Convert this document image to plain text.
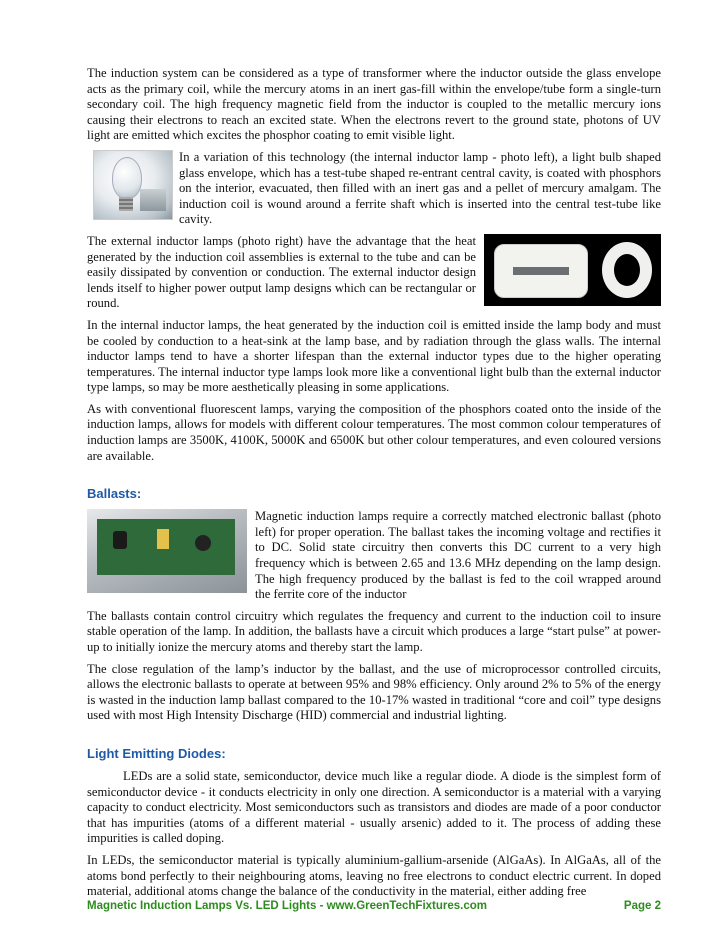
The induction system can be considered as a type of transformer where the inductor outside the glass envelope acts as the primary coil, while the mercury atoms in an inert gas-fill within the envelope/tube form a single-turn secondary coil. The high frequency magnetic field from the inductor is coupled to the metallic mercury ions causing their electrons to reach an excited state. When the electrons revert to the ground state, photons of UV light are emitted which excites the phosphor coating to emit visible light.

In a variation of this technology (the internal inductor lamp - photo left), a light bulb shaped glass envelope, which has a test-tube shaped re-entrant central cavity, is coated with phosphors on the interior, evacuated, then filled with an inert gas and a pellet of mercury amalgam. The induction coil is wound around a ferrite shaft which is inserted into the central test-tube like cavity.

The external inductor lamps (photo right) have the advantage that the heat generated by the induction coil assemblies is external to the tube and can be easily dissipated by convention or conduction. The external inductor design lends itself to higher power output lamp designs which can be rectangular or round.

In the internal inductor lamps, the heat generated by the induction coil is emitted inside the lamp body and must be cooled by conduction to a heat-sink at the lamp base, and by radiation through the glass walls. The internal inductor lamps tend to have a shorter lifespan than the external inductor types due to the higher operating temperatures. The internal inductor type lamps look more like a conventional light bulb than the external inductor type lamps, so may be more aesthetically pleasing in some applications.

As with conventional fluorescent lamps, varying the composition of the phosphors coated onto the inside of the induction lamps, allows for models with different colour temperatures. The most common colour temperatures of induction lamps are 3500K, 4100K, 5000K and 6500K but other colour temperatures, and even coloured versions are available.

Ballasts:

Magnetic induction lamps require a correctly matched electronic ballast (photo left) for proper operation. The ballast takes the incoming voltage and rectifies it to DC. Solid state circuitry then converts this DC current to a very high frequency which is between 2.65 and 13.6 MHz depending on the lamp design. The high frequency produced by the ballast is fed to the coil wrapped around the ferrite core of the inductor

The ballasts contain control circuitry which regulates the frequency and current to the induction coil to insure stable operation of the lamp. In addition, the ballasts have a circuit which produces a large “start pulse” at power-up to initially ionize the mercury atoms and thereby start the lamp.

The close regulation of the lamp’s inductor by the ballast, and the use of microprocessor controlled circuits, allows the electronic ballasts to operate at between 95% and 98% efficiency. Only around 2% to 5% of the energy is wasted in the induction lamp ballast compared to the 10-17% wasted in traditional “core and coil” type designs used with most High Intensity Discharge (HID) commercial and industrial lighting.

Light Emitting Diodes:

LEDs are a solid state, semiconductor, device much like a regular diode. A diode is the simplest form of semiconductor device - it conducts electricity in only one direction. A semiconductor is a material with a varying capacity to conduct electricity. Most semiconductors such as transistors and diodes are made of a poor conductor that has impurities (atoms of a different material - usually arsenic) added to it. The process of adding these impurities is called doping.

In LEDs, the semiconductor material is typically aluminium-gallium-arsenide (AlGaAs). In AlGaAs, all of the atoms bond perfectly to their neighbouring atoms, leaving no free electrons to conduct electric current. In doped material, additional atoms change the balance of the conductivity in the material, either adding free

Magnetic Induction Lamps Vs. LED Lights - www.GreenTechFixtures.com	Page 2
